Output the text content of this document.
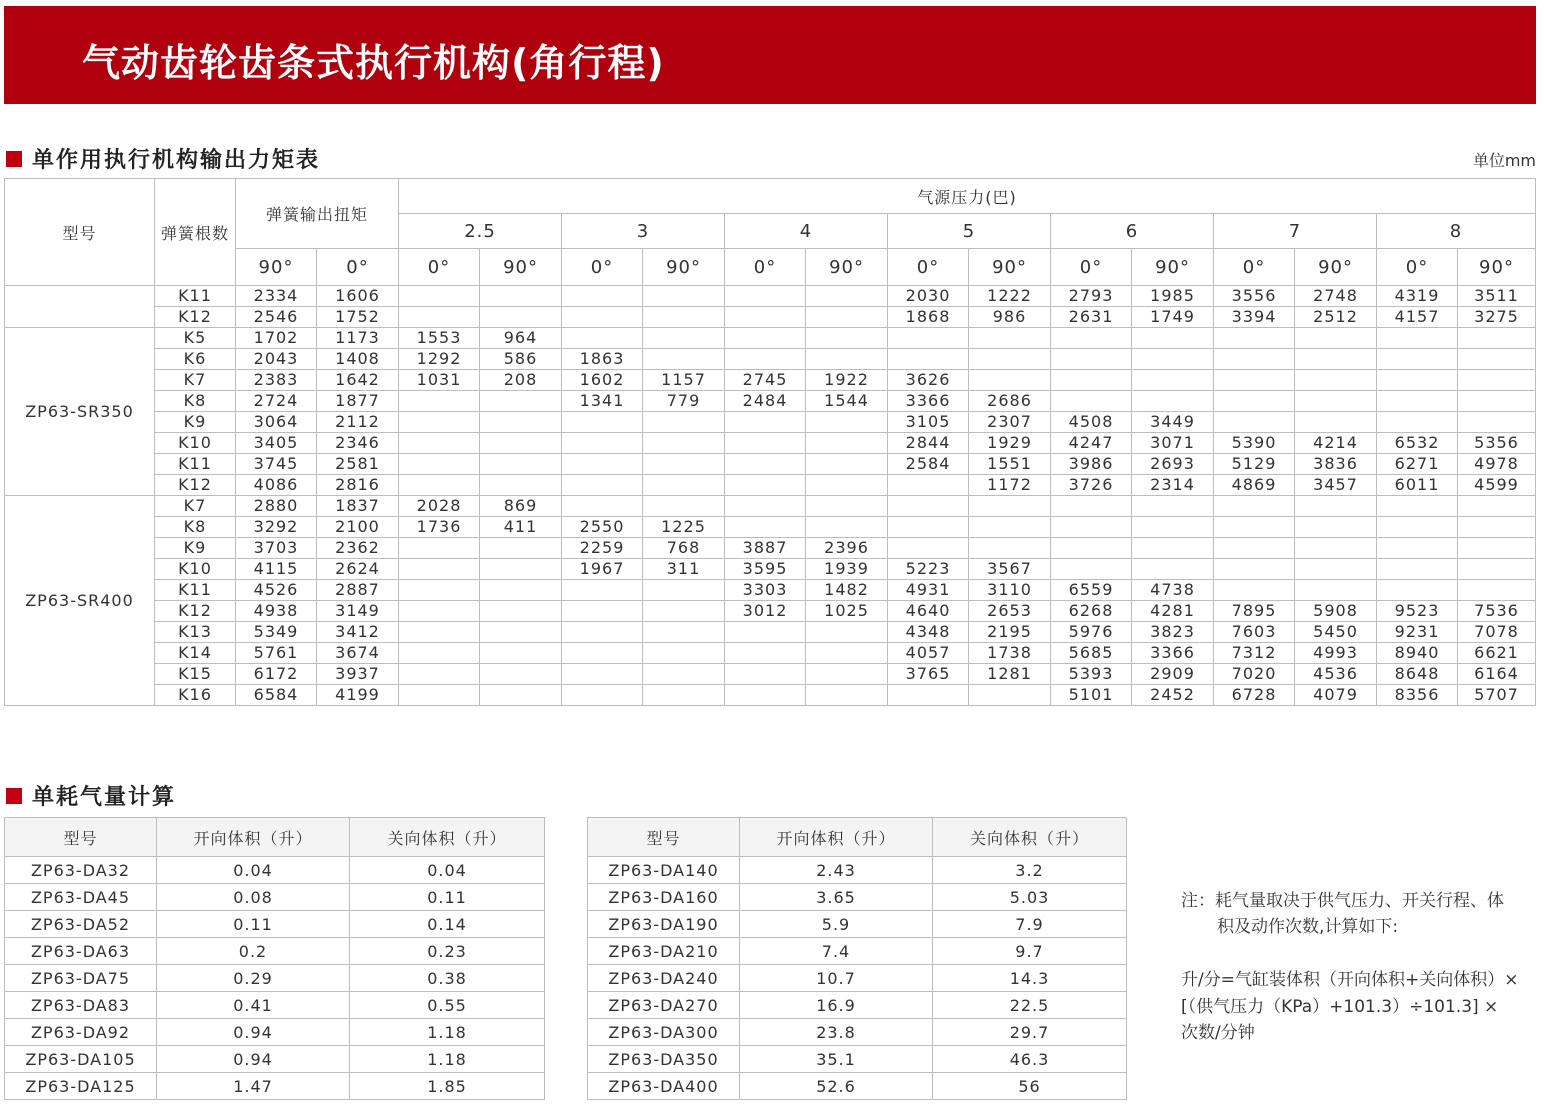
气动齿轮齿条式执行机构(角行程)
单作用执行机构输出力矩表	单位mm
型号	弹簧根数	弹簧输出扭矩		气源压力(巴)													
				2.5		3		4		5		6		7		8	
		90°	0°	0°	90°	0°	90°	0°	90°	0°	90°	0°	90°	0°	90°	0°	90°
	K11	2334	1606							2030	1222	2793	1985	3556	2748	4319	3511
	K12	2546	1752							1868	986	2631	1749	3394	2512	4157	3275
ZP63-SR350	K5	1702	1173	1553	964												
	K6	2043	1408	1292	586	1863											
	K7	2383	1642	1031	208	1602	1157	2745	1922	3626							
	K8	2724	1877			1341	779	2484	1544	3366	2686						
	K9	3064	2112							3105	2307	4508	3449				
	K10	3405	2346							2844	1929	4247	3071	5390	4214	6532	5356
	K11	3745	2581							2584	1551	3986	2693	5129	3836	6271	4978
	K12	4086	2816								1172	3726	2314	4869	3457	6011	4599
ZP63-SR400	K7	2880	1837	2028	869												
	K8	3292	2100	1736	411	2550	1225										
	K9	3703	2362			2259	768	3887	2396								
	K10	4115	2624			1967	311	3595	1939	5223	3567						
	K11	4526	2887					3303	1482	4931	3110	6559	4738				
	K12	4938	3149					3012	1025	4640	2653	6268	4281	7895	5908	9523	7536
	K13	5349	3412							4348	2195	5976	3823	7603	5450	9231	7078
	K14	5761	3674							4057	1738	5685	3366	7312	4993	8940	6621
	K15	6172	3937							3765	1281	5393	2909	7020	4536	8648	6164
	K16	6584	4199									5101	2452	6728	4079	8356	5707
单耗气量计算
型号	开向体积（升）	关向体积（升）
ZP63-DA32	0.04	0.04
ZP63-DA45	0.08	0.11
ZP63-DA52	0.11	0.14
ZP63-DA63	0.2	0.23
ZP63-DA75	0.29	0.38
ZP63-DA83	0.41	0.55
ZP63-DA92	0.94	1.18
ZP63-DA105	0.94	1.18
ZP63-DA125	1.47	1.85
型号	开向体积（升）	关向体积（升）
ZP63-DA140	2.43	3.2
ZP63-DA160	3.65	5.03
ZP63-DA190	5.9	7.9
ZP63-DA210	7.4	9.7
ZP63-DA240	10.7	14.3
ZP63-DA270	16.9	22.5
ZP63-DA300	23.8	29.7
ZP63-DA350	35.1	46.3
ZP63-DA400	52.6	56
注：耗气量取决于供气压力、开关行程、体
积及动作次数,计算如下:
升/分=气缸装体积（开向体积+关向体积）×
[（供气压力（KPa）+101.3）÷101.3] ×
次数/分钟
